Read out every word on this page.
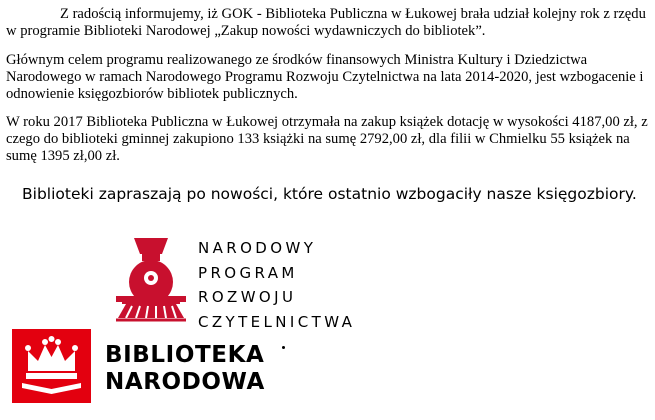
Z radością informujemy, iż GOK - Biblioteka Publiczna w Łukowej brała udział kolejny rok z rzędu w programie Biblioteki Narodowej „Zakup nowości wydawniczych do bibliotek”.

Głównym celem programu realizowanego ze środków finansowych Ministra Kultury i Dziedzictwa Narodowego w ramach Narodowego Programu Rozwoju Czytelnictwa na lata 2014-2020, jest wzbogacenie i odnowienie księgozbiorów bibliotek publicznych.

W roku 2017 Biblioteka Publiczna w Łukowej otrzymała na zakup książek dotację w wysokości 4187,00 zł, z czego do biblioteki gminnej zakupiono 133 książki na sumę 2792,00 zł, dla filii w Chmielku 55 książek na sumę 1395 zł,00 zł.

Biblioteki zapraszają po nowości, które ostatnio wzbogaciły nasze księgozbiory.

NARODOWY
PROGRAM
ROZWOJU
CZYTELNICTWA
BIBLIOTEKA
NARODOWA
